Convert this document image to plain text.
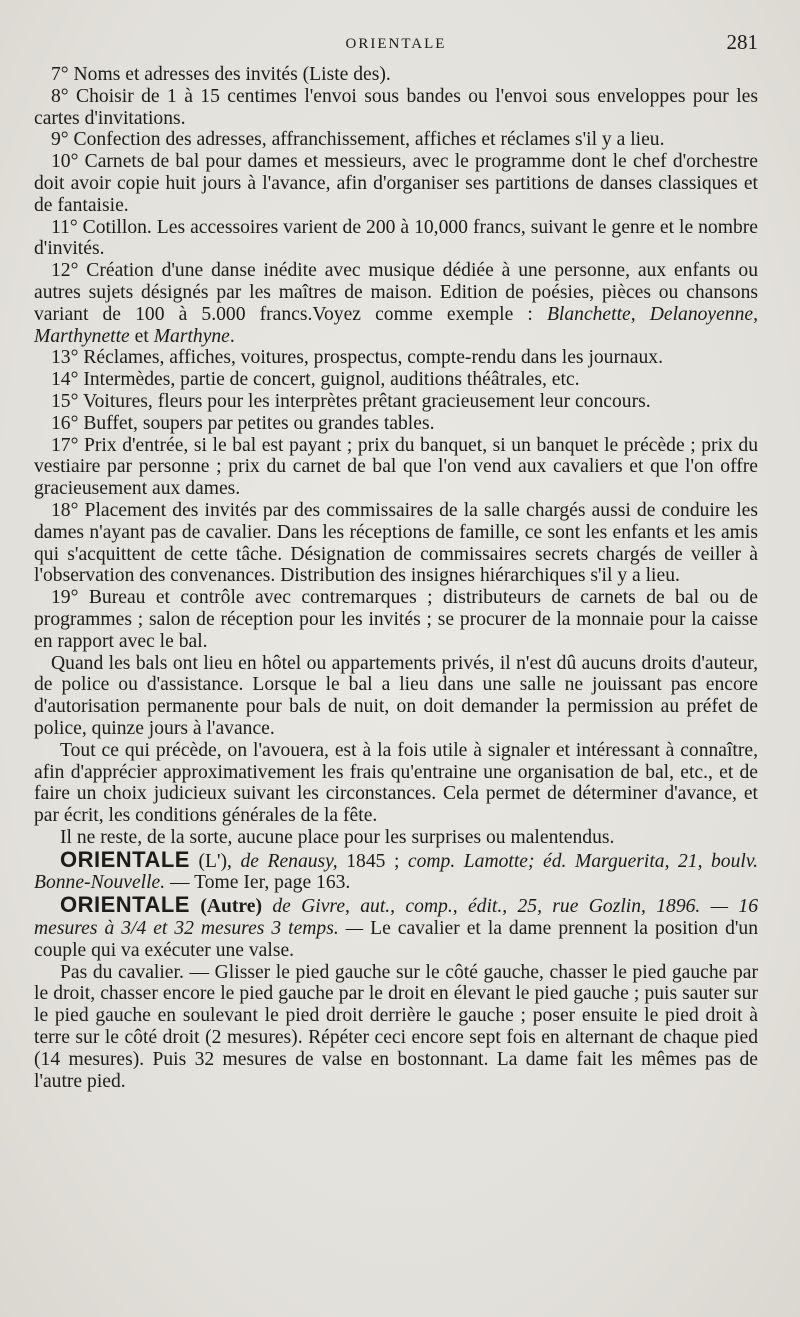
ORIENTALE	281

7° Noms et adresses des invités (Liste des).

8° Choisir de 1 à 15 centimes l'envoi sous bandes ou l'envoi sous enveloppes pour les cartes d'invitations.

9° Confection des adresses, affranchissement, affiches et réclames s'il y a lieu.

10° Carnets de bal pour dames et messieurs, avec le programme dont le chef d'orchestre doit avoir copie huit jours à l'avance, afin d'organiser ses partitions de danses classiques et de fantaisie.

11° Cotillon. Les accessoires varient de 200 à 10,000 francs, suivant le genre et le nombre d'invités.

12° Création d'une danse inédite avec musique dédiée à une personne, aux enfants ou autres sujets désignés par les maîtres de maison. Edition de poésies, pièces ou chansons variant de 100 à 5.000 francs.Voyez comme exemple : Blanchette, Delanoyenne, Marthynette et Marthyne.

13° Réclames, affiches, voitures, prospectus, compte-rendu dans les journaux.

14° Intermèdes, partie de concert, guignol, auditions théâtrales, etc.

15° Voitures, fleurs pour les interprètes prêtant gracieusement leur concours.

16° Buffet, soupers par petites ou grandes tables.

17° Prix d'entrée, si le bal est payant ; prix du banquet, si un banquet le précède ; prix du vestiaire par personne ; prix du carnet de bal que l'on vend aux cavaliers et que l'on offre gracieusement aux dames.

18° Placement des invités par des commissaires de la salle chargés aussi de conduire les dames n'ayant pas de cavalier. Dans les réceptions de famille, ce sont les enfants et les amis qui s'acquittent de cette tâche. Désignation de commissaires secrets chargés de veiller à l'observation des convenances. Distribution des insignes hiérarchiques s'il y a lieu.

19° Bureau et contrôle avec contremarques ; distributeurs de carnets de bal ou de programmes ; salon de réception pour les invités ; se procurer de la monnaie pour la caisse en rapport avec le bal.

Quand les bals ont lieu en hôtel ou appartements privés, il n'est dû aucuns droits d'auteur, de police ou d'assistance. Lorsque le bal a lieu dans une salle ne jouissant pas encore d'autorisation permanente pour bals de nuit, on doit demander la permission au préfet de police, quinze jours à l'avance.

Tout ce qui précède, on l'avouera, est à la fois utile à signaler et intéressant à connaître, afin d'apprécier approximativement les frais qu'entraine une organisation de bal, etc., et de faire un choix judicieux suivant les circonstances. Cela permet de déterminer d'avance, et par écrit, les conditions générales de la fête.

Il ne reste, de la sorte, aucune place pour les surprises ou malentendus.

ORIENTALE (L'), de Renausy, 1845 ; comp. Lamotte; éd. Marguerita, 21, boulv. Bonne-Nouvelle. — Tome Ier, page 163.

ORIENTALE (Autre) de Givre, aut., comp., édit., 25, rue Gozlin, 1896. — 16 mesures à 3/4 et 32 mesures 3 temps. — Le cavalier et la dame prennent la position d'un couple qui va exécuter une valse.

Pas du cavalier. — Glisser le pied gauche sur le côté gauche, chasser le pied gauche par le droit, chasser encore le pied gauche par le droit en élevant le pied gauche ; puis sauter sur le pied gauche en soulevant le pied droit derrière le gauche ; poser ensuite le pied droit à terre sur le côté droit (2 mesures). Répéter ceci encore sept fois en alternant de chaque pied (14 mesures). Puis 32 mesures de valse en bostonnant. La dame fait les mêmes pas de l'autre pied.
